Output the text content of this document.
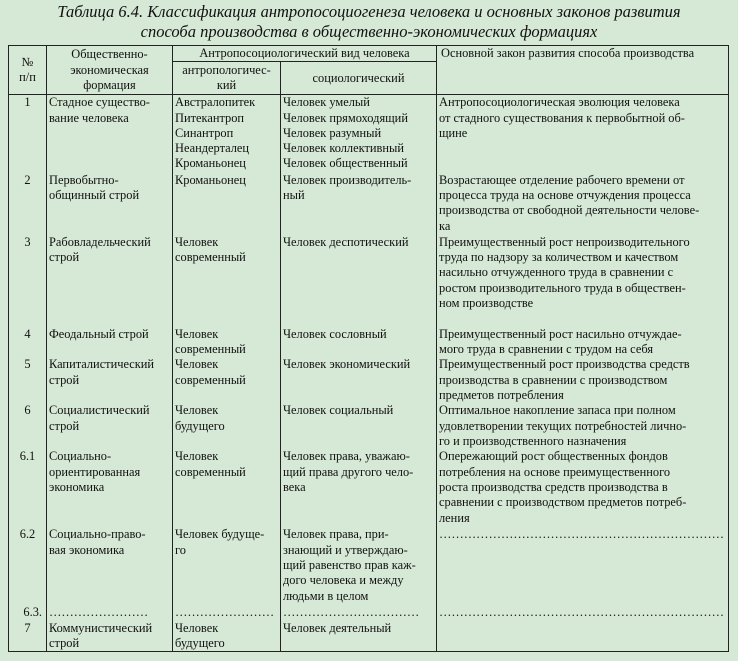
Таблица 6.4. Классификация антропосоциогенеза человека и основных законов развития
способа производства в общественно-экономических формациях
№
п/п	Общественно-
экономическая
формация	Антропосоциологический вид человека		Основной закон развития способа производства
		антропологичес-
кий	социологический	
1	Стадное существо-
вание человека	Австралопитек
Питекантроп
Синантроп
Неандерталец
Кроманьонец	Человек умелый
Человек прямоходящий
Человек разумный
Человек коллективный
Человек общественный	Антропосоциологическая эволюция человека
от стадного существования к первобытной об-
щине
2	Первобытно-
общинный строй	Кроманьонец	Человек производитель-
ный	Возрастающее отделение рабочего времени от
процесса труда на основе отчуждения процесса
производства от свободной деятельности челове-
ка
3	Рабовладельческий
строй	Человек
современный	Человек деспотический	Преимущественный рост непроизводительного
труда по надзору за количеством и качеством
насильно отчужденного труда в сравнении с
ростом производительного труда в обществен-
ном производстве
4	Феодальный строй	Человек
современный	Человек сословный	Преимущественный рост насильно отчуждае-
мого труда в сравнении с трудом на себя
5	Капиталистический
строй	Человек
современный	Человек экономический	Преимущественный рост производства средств
производства в сравнении с производством
предметов потребления
6	Социалистический
строй	Человек
будущего	Человек социальный	Оптимальное накопление запаса при полном
удовлетворении текущих потребностей лично-
го и производственного назначения
6.1	Социально-
ориентированная
экономика	Человек
современный	Человек права, уважаю-
щий права другого чело-
века	Опережающий рост общественных фондов
потребления на основе преимущественного
роста производства средств производства в
сравнении с производством предметов потреб-
ления
6.2	Социально-право-
вая экономика	Человек будуще-
го	Человек права, при-
знающий и утверждаю-
щий равенство прав каж-
дого человека и между
людьми в целом	……………………………………………………………
6.3.	……………………	……………………	……………………………	……………………………………………………………
7	Коммунистический
строй	Человек
будущего	Человек деятельный	
